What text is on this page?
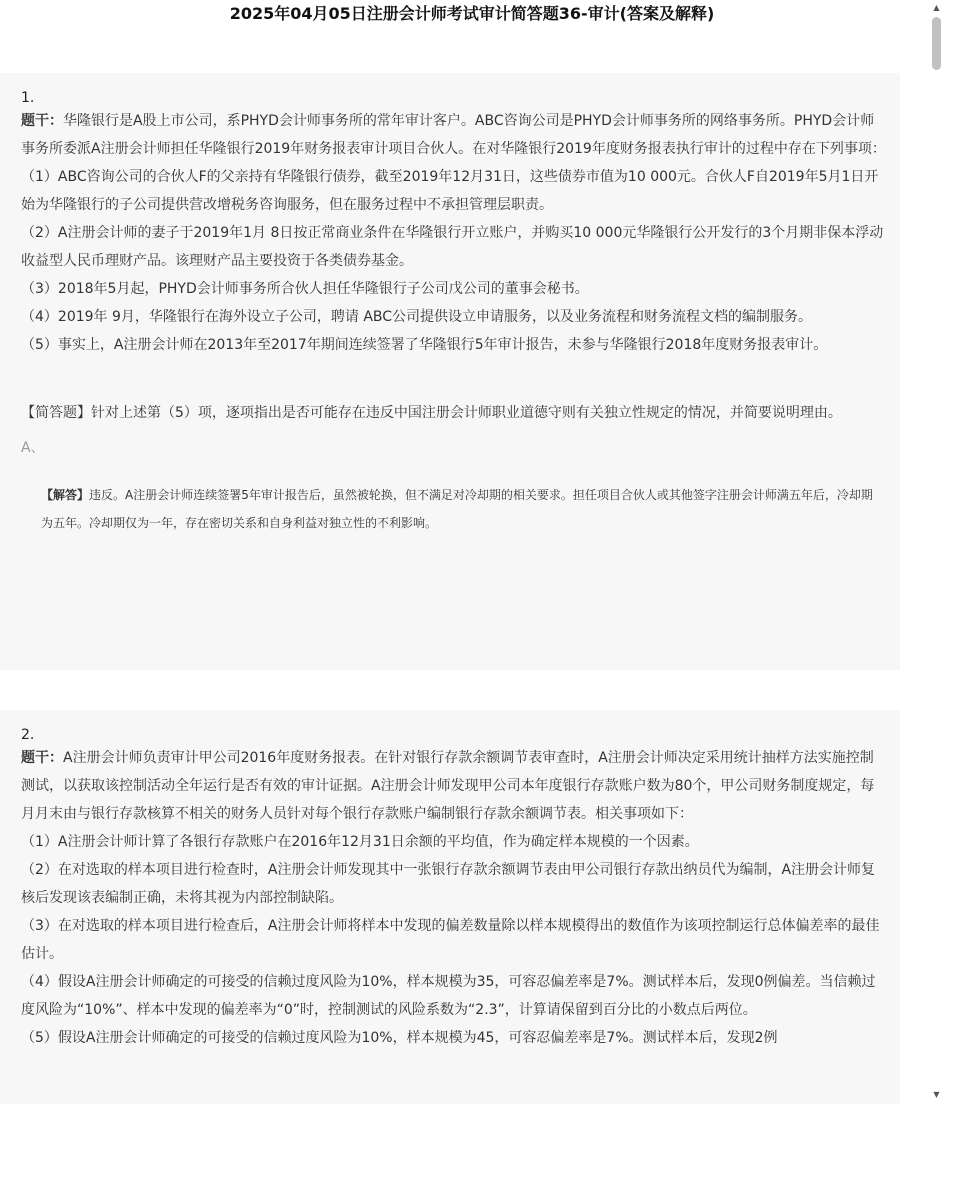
2025年04月05日注册会计师考试审计简答题36-审计(答案及解释)

1.

题干：华隆银行是A股上市公司，系PHYD会计师事务所的常年审计客户。ABC咨询公司是PHYD会计师事务所的网络事务所。PHYD会计师事务所委派A注册会计师担任华隆银行2019年财务报表审计项目合伙人。在对华隆银行2019年度财务报表执行审计的过程中存在下列事项：

（1）ABC咨询公司的合伙人F的父亲持有华隆银行债券，截至2019年12月31日，这些债券市值为10 000元。合伙人F自2019年5月1日开始为华隆银行的子公司提供营改增税务咨询服务，但在服务过程中不承担管理层职责。

（2）A注册会计师的妻子于2019年1月 8日按正常商业条件在华隆银行开立账户，并购买10 000元华隆银行公开发行的3个月期非保本浮动收益型人民币理财产品。该理财产品主要投资于各类债券基金。

（3）2018年5月起，PHYD会计师事务所合伙人担任华隆银行子公司戊公司的董事会秘书。

（4）2019年 9月，华隆银行在海外设立子公司，聘请 ABC公司提供设立申请服务，以及业务流程和财务流程文档的编制服务。

（5）事实上，A注册会计师在2013年至2017年期间连续签署了华隆银行5年审计报告，未参与华隆银行2018年度财务报表审计。

【简答题】针对上述第（5）项，逐项指出是否可能存在违反中国注册会计师职业道德守则有关独立性规定的情况，并简要说明理由。

A、
【解答】违反。A注册会计师连续签署5年审计报告后，虽然被轮换，但不满足对冷却期的相关要求。担任项目合伙人或其他签字注册会计师满五年后，冷却期为五年。冷却期仅为一年，存在密切关系和自身利益对独立性的不利影响。

2.

题干：A注册会计师负责审计甲公司2016年度财务报表。在针对银行存款余额调节表审查时，A注册会计师决定采用统计抽样方法实施控制测试，以获取该控制活动全年运行是否有效的审计证据。A注册会计师发现甲公司本年度银行存款账户数为80个，甲公司财务制度规定，每月月末由与银行存款核算不相关的财务人员针对每个银行存款账户编制银行存款余额调节表。相关事项如下：

（1）A注册会计师计算了各银行存款账户在2016年12月31日余额的平均值，作为确定样本规模的一个因素。

（2）在对选取的样本项目进行检查时，A注册会计师发现其中一张银行存款余额调节表由甲公司银行存款出纳员代为编制，A注册会计师复核后发现该表编制正确，未将其视为内部控制缺陷。

（3）在对选取的样本项目进行检查后，A注册会计师将样本中发现的偏差数量除以样本规模得出的数值作为该项控制运行总体偏差率的最佳估计。

（4）假设A注册会计师确定的可接受的信赖过度风险为10%，样本规模为35，可容忍偏差率是7%。测试样本后，发现0例偏差。当信赖过度风险为“10%”、样本中发现的偏差率为“0”时，控制测试的风险系数为“2.3”，计算请保留到百分比的小数点后两位。

（5）假设A注册会计师确定的可接受的信赖过度风险为10%，样本规模为45，可容忍偏差率是7%。测试样本后，发现2例

▲
▼
